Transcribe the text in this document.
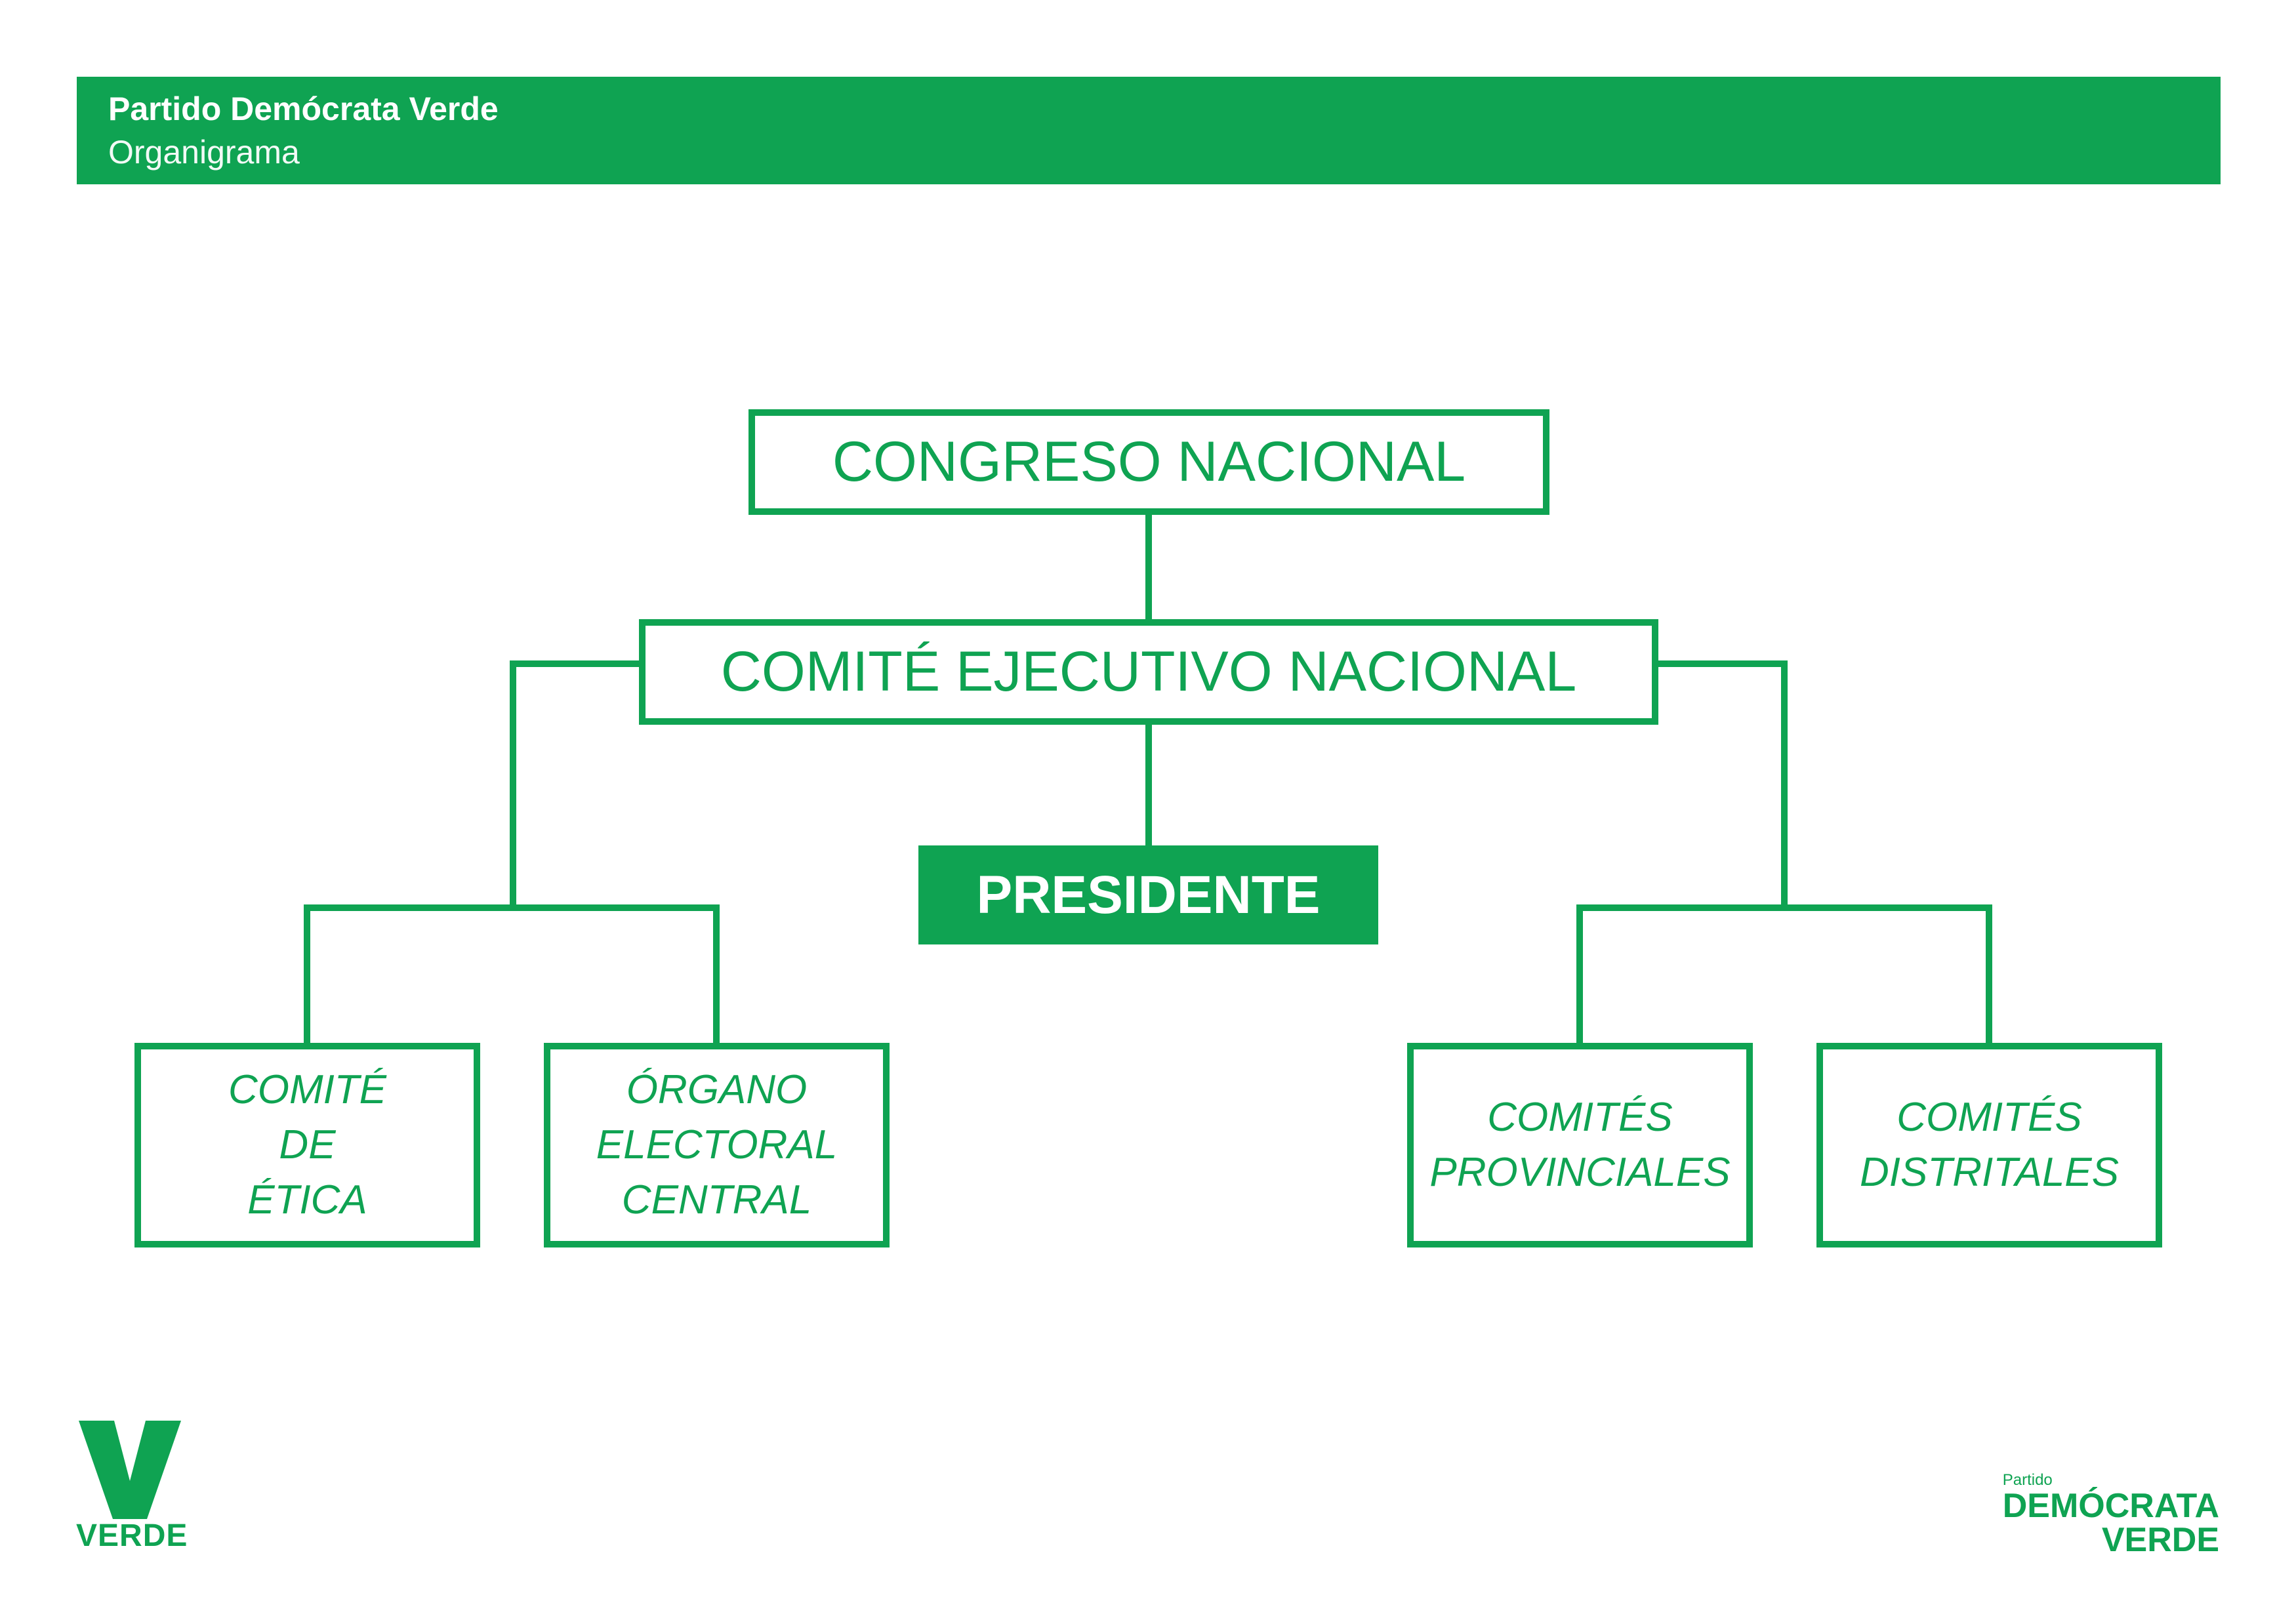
Partido Demócrata Verde
Organigrama
CONGRESO NACIONAL
COMITÉ EJECUTIVO NACIONAL
PRESIDENTE
COMITÉ
DE
ÉTICA
ÓRGANO
ELECTORAL
CENTRAL
COMITÉS
PROVINCIALES
COMITÉS
DISTRITALES
VERDE
Partido
DEMÓCRATA
VERDE
